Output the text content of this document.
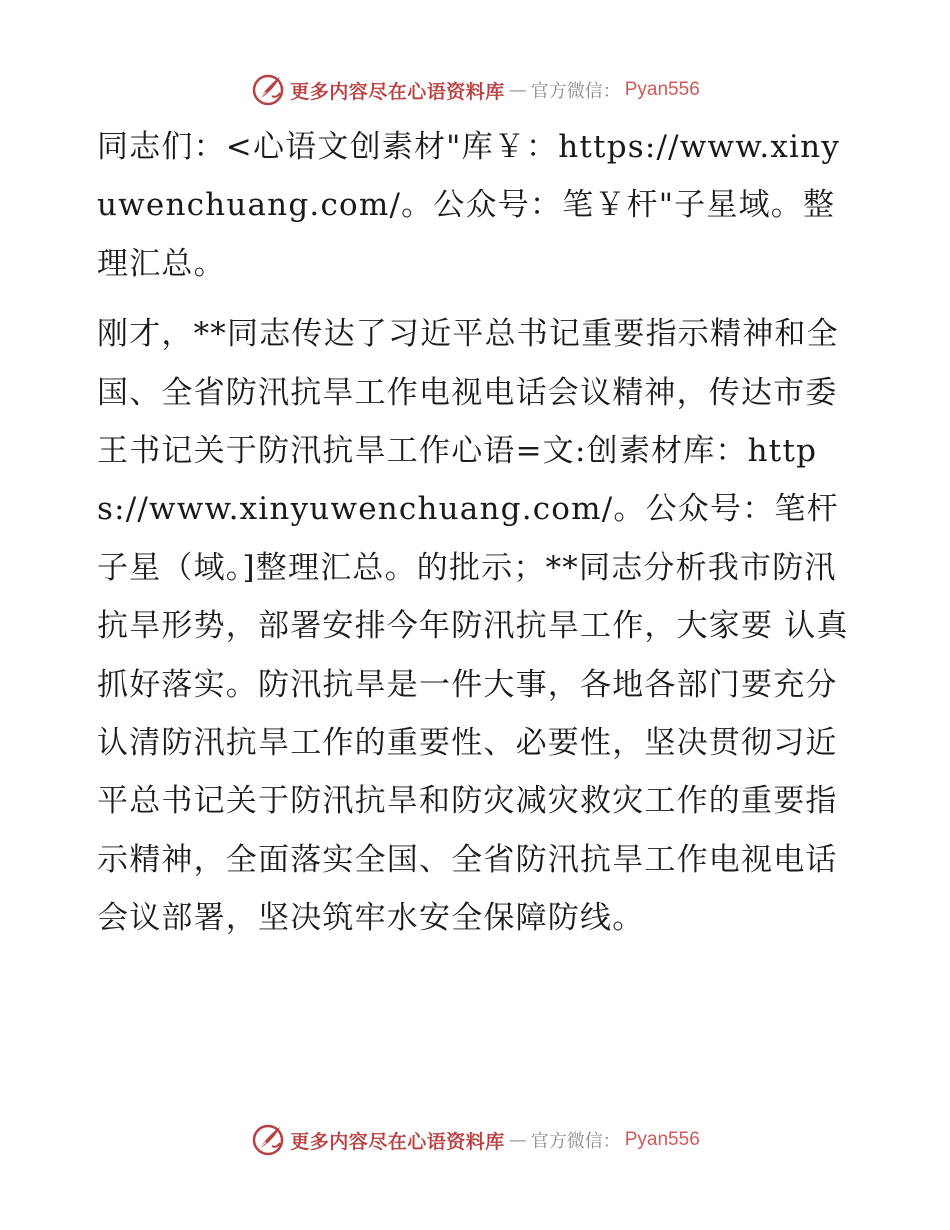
更多内容尽在心语资料库 — 官方微信： Pyan556

同志们：<心语文创素材"库￥：https://www.xinyuwenchuang.com/。公众号：笔￥杆"子星域。整理汇总。

刚才，**同志传达了习近平总书记重要指示精神和全国、全省防汛抗旱工作电视电话会议精神，传达市委王书记关于防汛抗旱工作心语=文:创素材库：https://www.xinyuwenchuang.com/。公众号：笔杆子星（域。]整理汇总。的批示；**同志分析我市防汛抗旱形势，部署安排今年防汛抗旱工作，大家要 认真抓好落实。防汛抗旱是一件大事，各地各部门要充分认清防汛抗旱工作的重要性、必要性，坚决贯彻习近平总书记关于防汛抗旱和防灾减灾救灾工作的重要指示精神，全面落实全国、全省防汛抗旱工作电视电话会议部署，坚决筑牢水安全保障防线。

更多内容尽在心语资料库 — 官方微信： Pyan556
